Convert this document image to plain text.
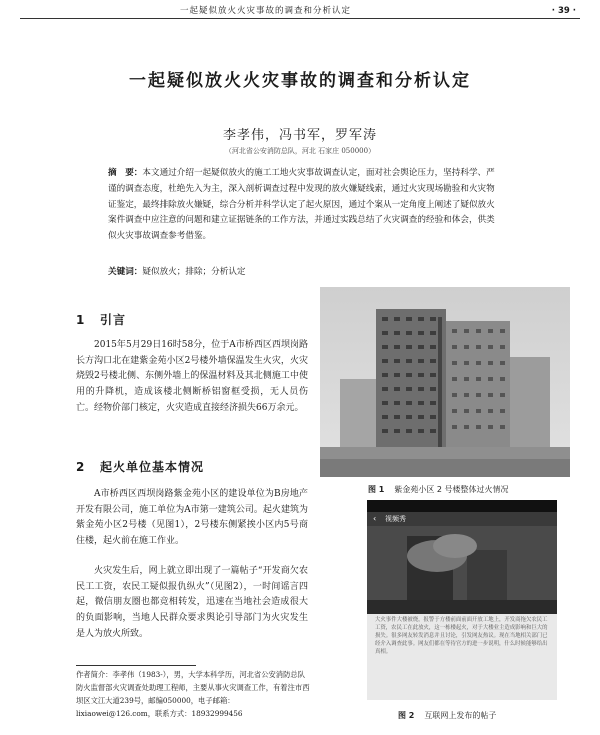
一起疑似放火火灾事故的调查和分析认定	· 39 ·
一起疑似放火火灾事故的调查和分析认定
李孝伟，冯书军，罗军涛
（河北省公安消防总队，河北 石家庄 050000）
摘　要：本文通过介绍一起疑似放火的施工工地火灾事故调查认定，面对社会舆论压力，坚持科学、严谨的调查态度，杜绝先入为主，深入剖析调查过程中发现的放火嫌疑线索，通过火灾现场勘验和火灾物证鉴定，最终排除放火嫌疑，综合分析并科学认定了起火原因，通过个案从一定角度上阐述了疑似放火案件调查中应注意的问题和建立证据链条的工作方法，并通过实践总结了火灾调查的经验和体会，供类似火灾事故调查参考借鉴。
关键词：疑似放火；排除；分析认定
1 引言

2015年5月29日16时58分，位于A市桥西区西坝岗路长方沟口北在建紫金苑小区2号楼外墙保温发生火灾，火灾烧毁2号楼北侧、东侧外墙上的保温材料及其北侧施工中使用的升降机，造成该楼北侧断桥铝窗框受损，无人员伤亡。经物价部门核定，火灾造成直接经济损失66万余元。

2 起火单位基本情况

A市桥西区西坝岗路紫金苑小区的建设单位为B房地产开发有限公司，施工单位为A市第一建筑公司。起火建筑为紫金苑小区2号楼（见图1），2号楼东侧紧挨小区内5号商住楼，起火前在施工作业。

火灾发生后，网上就立即出现了一篇帖子“开发商欠农民工工资，农民工疑似报仇纵火”（见图2），一时间谣言四起，微信朋友圈也都竞相转发，迅速在当地社会造成很大的负面影响，当地人民群众要求舆论引导部门为火灾发生是人为放火所致。

图 1 紫金苑小区 2 号楼整体过火情况
‹ 视频秀
大火事件大楼被烧，报警于方楼前面前面开放工地上，开发商拖欠农民工工资，农民工在此放火，这一栋楼起火，对于大楼业主造成影响和巨大的损失。很多网友转发消息并且讨论，引发网友热议。现在当地相关部门已经介入调查此事。网友们都在等待官方的进一步说明，什么时候能够给出真相。
图 2 互联网上发布的帖子
作者简介：李孝伟（1983-），男，大学本科学历，河北省公安消防总队防火监督部火灾调查处助理工程师，主要从事火灾调查工作，有着注市西坝区文江大道239号，邮编050000，电子邮箱：lixiaowei@126.com，联系方式：18932999456
